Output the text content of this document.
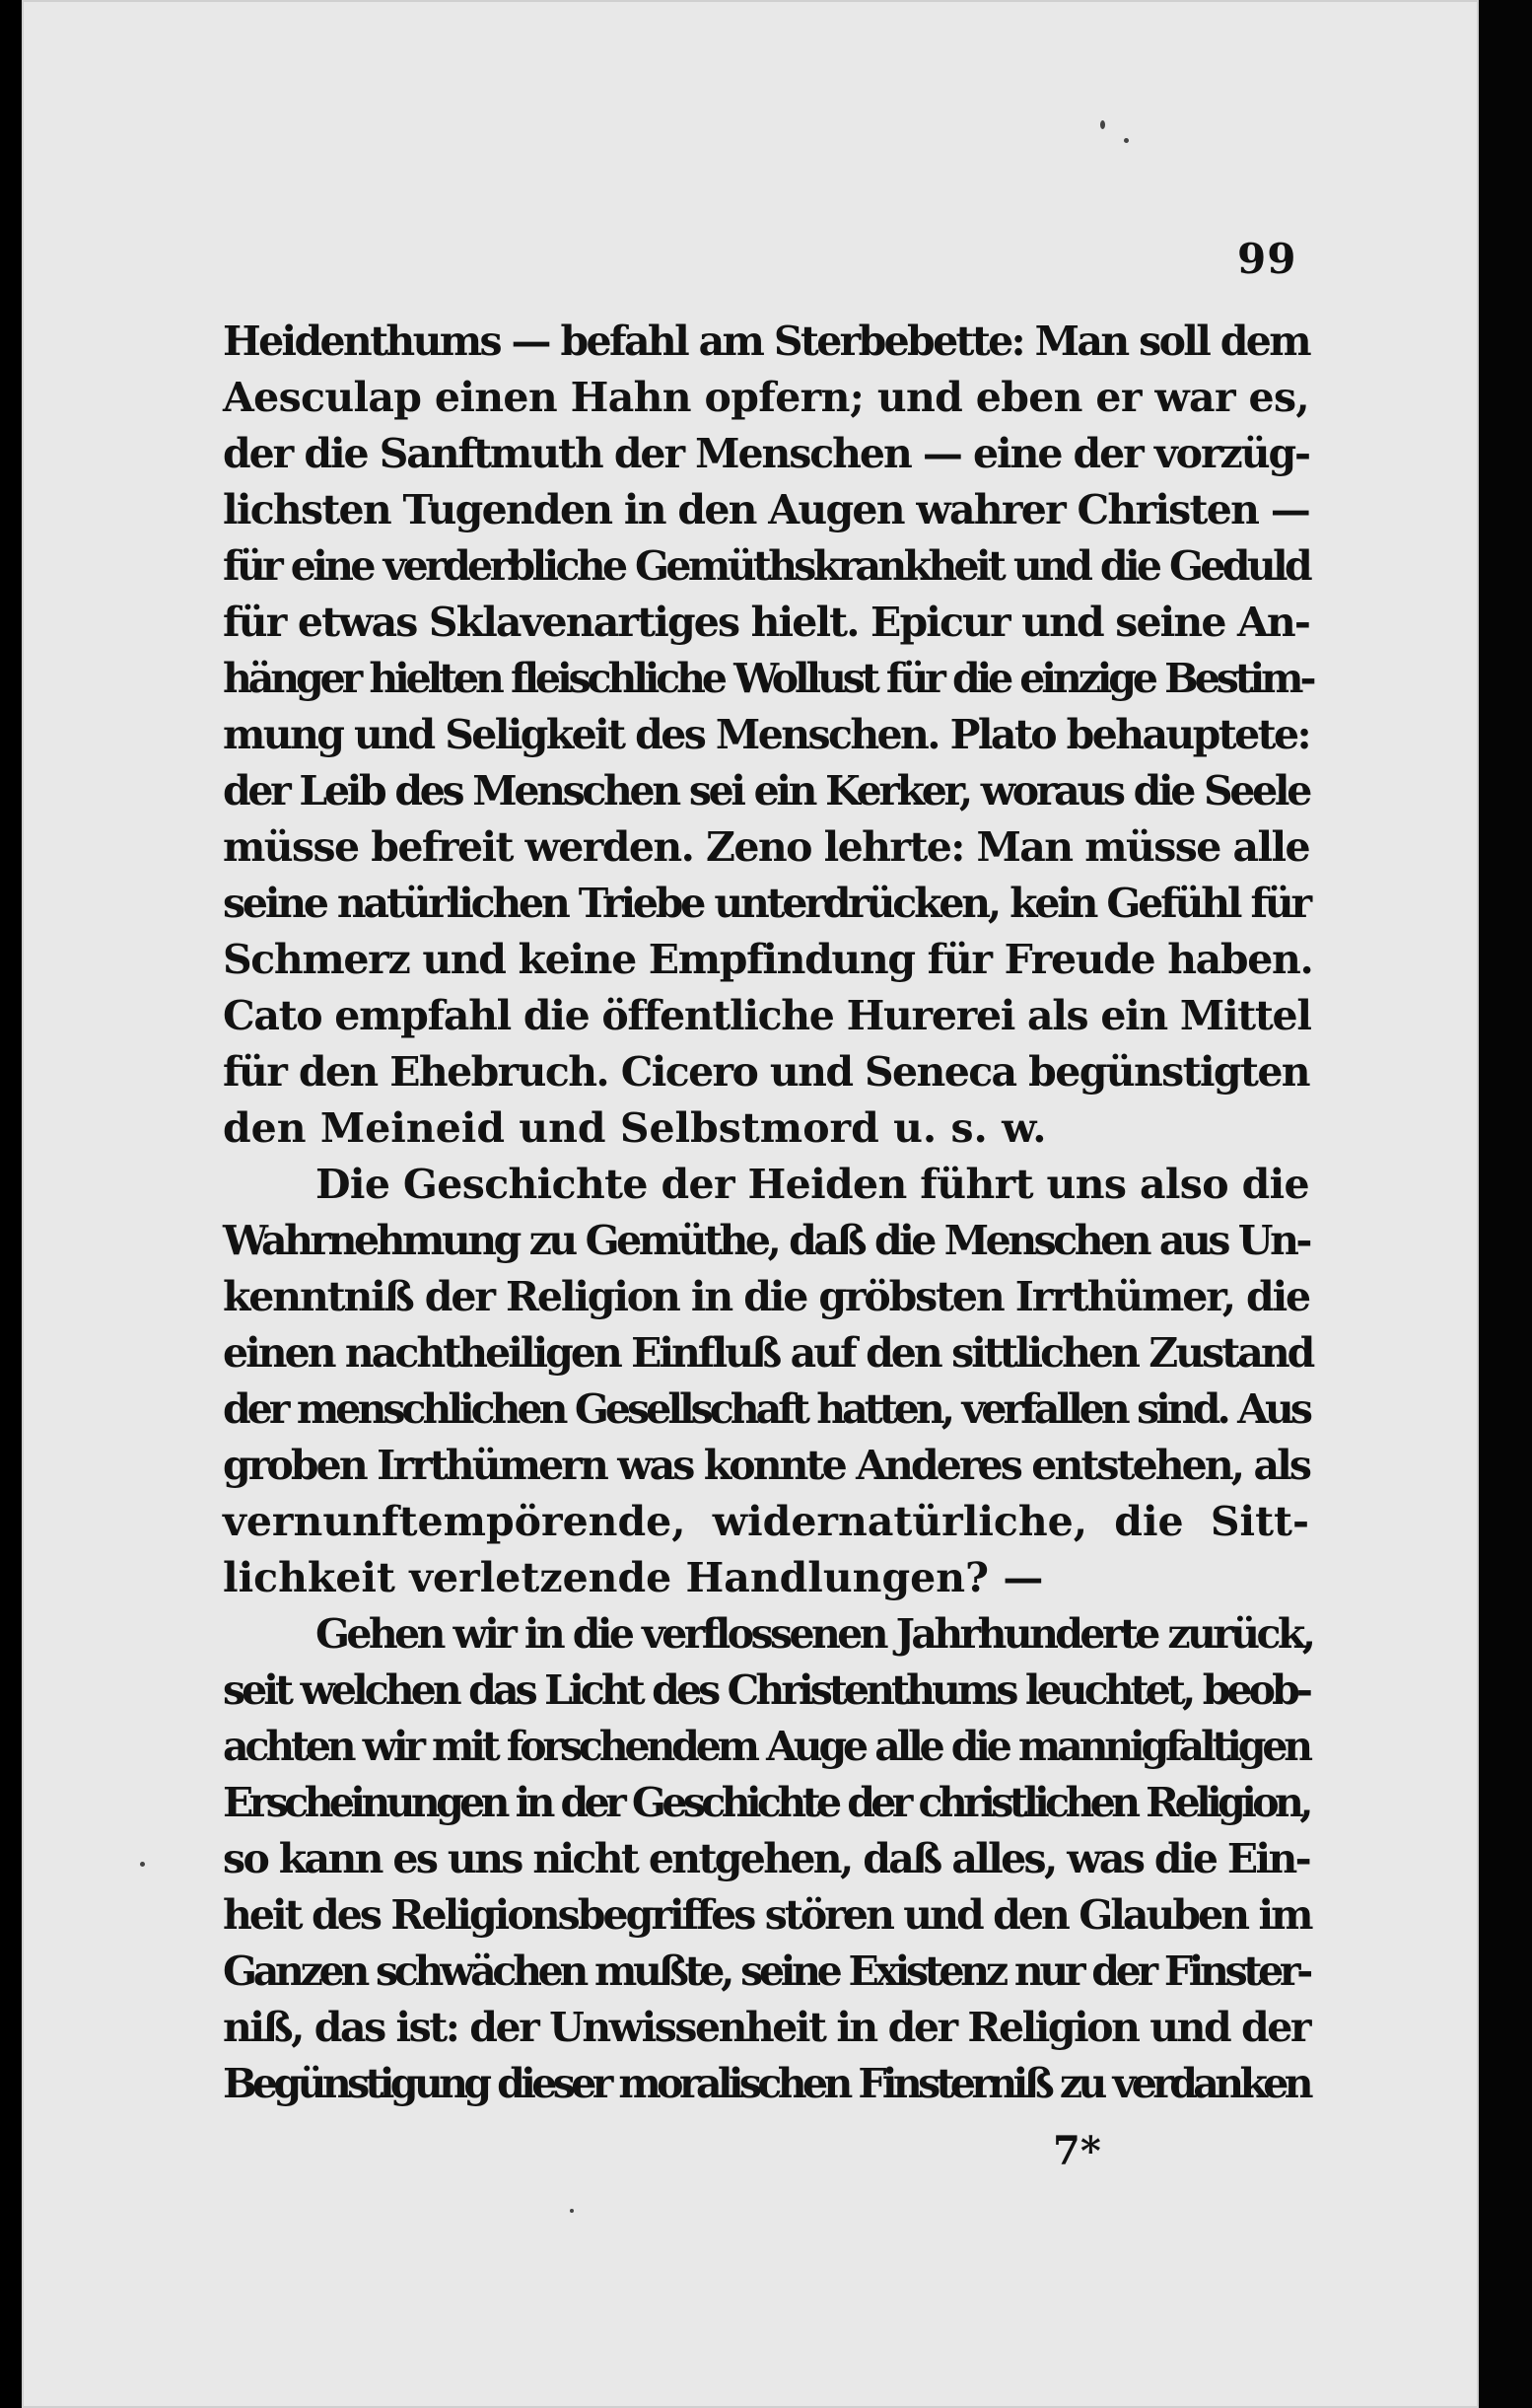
99
Heidenthums — befahl am Sterbebette: Man soll dem
Aesculap einen Hahn opfern; und eben er war es,
der die Sanftmuth der Menschen — eine der vorzüg-
lichsten Tugenden in den Augen wahrer Christen —
für eine verderbliche Gemüthskrankheit und die Geduld
für etwas Sklavenartiges hielt. Epicur und seine An-
hänger hielten fleischliche Wollust für die einzige Bestim-
mung und Seligkeit des Menschen. Plato behauptete:
der Leib des Menschen sei ein Kerker, woraus die Seele
müsse befreit werden. Zeno lehrte: Man müsse alle
seine natürlichen Triebe unterdrücken, kein Gefühl für
Schmerz und keine Empfindung für Freude haben.
Cato empfahl die öffentliche Hurerei als ein Mittel
für den Ehebruch. Cicero und Seneca begünstigten
den Meineid und Selbstmord u. s. w.
Die Geschichte der Heiden führt uns also die
Wahrnehmung zu Gemüthe, daß die Menschen aus Un-
kenntniß der Religion in die gröbsten Irrthümer, die
einen nachtheiligen Einfluß auf den sittlichen Zustand
der menschlichen Gesellschaft hatten, verfallen sind. Aus
groben Irrthümern was konnte Anderes entstehen, als
vernunftempörende, widernatürliche, die Sitt-
lichkeit verletzende Handlungen? —
Gehen wir in die verflossenen Jahrhunderte zurück,
seit welchen das Licht des Christenthums leuchtet, beob-
achten wir mit forschendem Auge alle die mannigfaltigen
Erscheinungen in der Geschichte der christlichen Religion,
so kann es uns nicht entgehen, daß alles, was die Ein-
heit des Religionsbegriffes stören und den Glauben im
Ganzen schwächen mußte, seine Existenz nur der Finster-
niß, das ist: der Unwissenheit in der Religion und der
Begünstigung dieser moralischen Finsterniß zu verdanken
7*
